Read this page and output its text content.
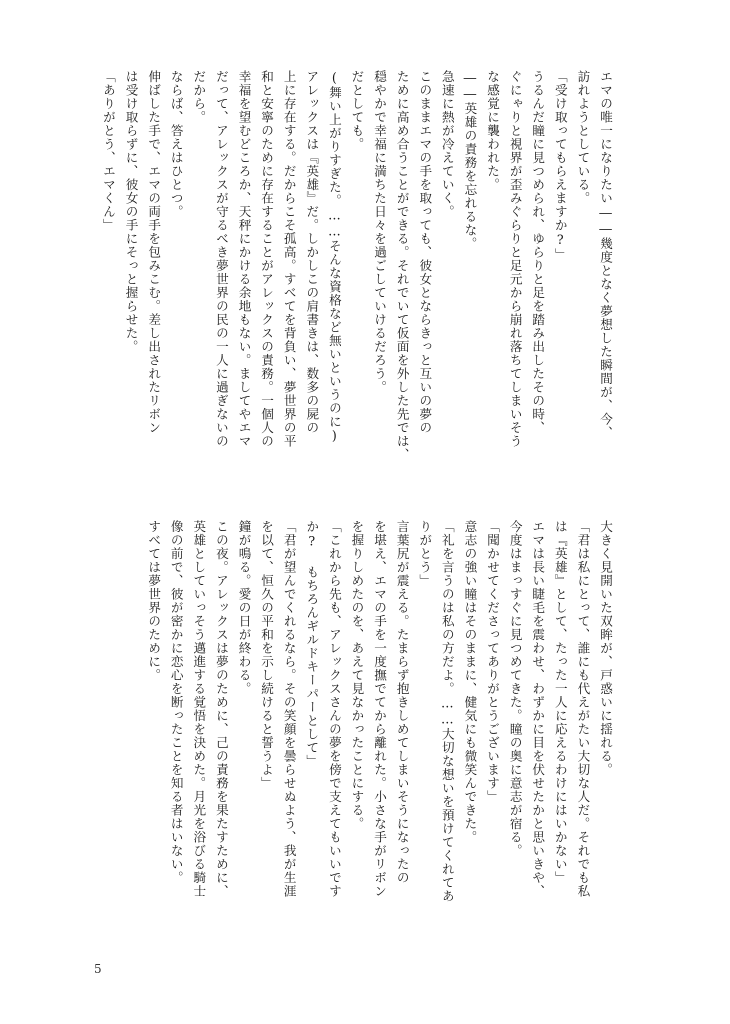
エマの唯一になりたい――幾度となく夢想した瞬間が、今、
訪れようとしている。
「受け取ってもらえますか?」
うるんだ瞳に見つめられ、ゆらりと足を踏み出したその時、
ぐにゃりと視界が歪みぐらりと足元から崩れ落ちてしまいそう
な感覚に襲われた。
――英雄の責務を忘れるな。
急速に熱が冷えていく。
このままエマの手を取っても、彼女とならきっと互いの夢の
ために高め合うことができる。それでいて仮面を外した先では、
穏やかで幸福に満ちた日々を過ごしていけるだろう。
だとしても。
(舞い上がりすぎた。……そんな資格など無いというのに)
アレックスは『英雄』だ。しかしこの肩書きは、数多の屍の
上に存在する。だからこそ孤高。すべてを背負い、夢世界の平
和と安寧のために存在することがアレックスの責務。一個人の
幸福を望むどころか、天秤にかける余地もない。ましてやエマ
だって、アレックスが守るべき夢世界の民の一人に過ぎないの
だから。
ならば、答えはひとつ。
伸ばした手で、エマの両手を包みこむ。差し出されたリボン
は受け取らずに、彼女の手にそっと握らせた。
「ありがとう、エマくん」
大きく見開いた双眸が、戸惑いに揺れる。
「君は私にとって、誰にも代えがたい大切な人だ。それでも私
は『英雄』として、たった一人に応えるわけにはいかない」
エマは長い睫毛を震わせ、わずかに目を伏せたかと思いきや、
今度はまっすぐに見つめてきた。瞳の奥に意志が宿る。
「聞かせてくださってありがとうございます」
意志の強い瞳はそのままに、健気にも微笑んできた。
「礼を言うのは私の方だよ。……大切な想いを預けてくれてあ
りがとう」
言葉尻が震える。たまらず抱きしめてしまいそうになったの
を堪え、エマの手を一度撫でてから離れた。小さな手がリボン
を握りしめたのを、あえて見なかったことにする。
「これから先も、アレックスさんの夢を傍で支えてもいいです
か? もちろんギルドキーパーとして」
「君が望んでくれるなら。その笑顔を曇らせぬよう、我が生涯
を以て、恒久の平和を示し続けると誓うよ」
鐘が鳴る。愛の日が終わる。
この夜。アレックスは夢のために、己の責務を果たすために、
英雄としていっそう邁進する覚悟を決めた。月光を浴びる騎士
像の前で、彼が密かに恋心を断ったことを知る者はいない。
すべては夢世界のために。
5
